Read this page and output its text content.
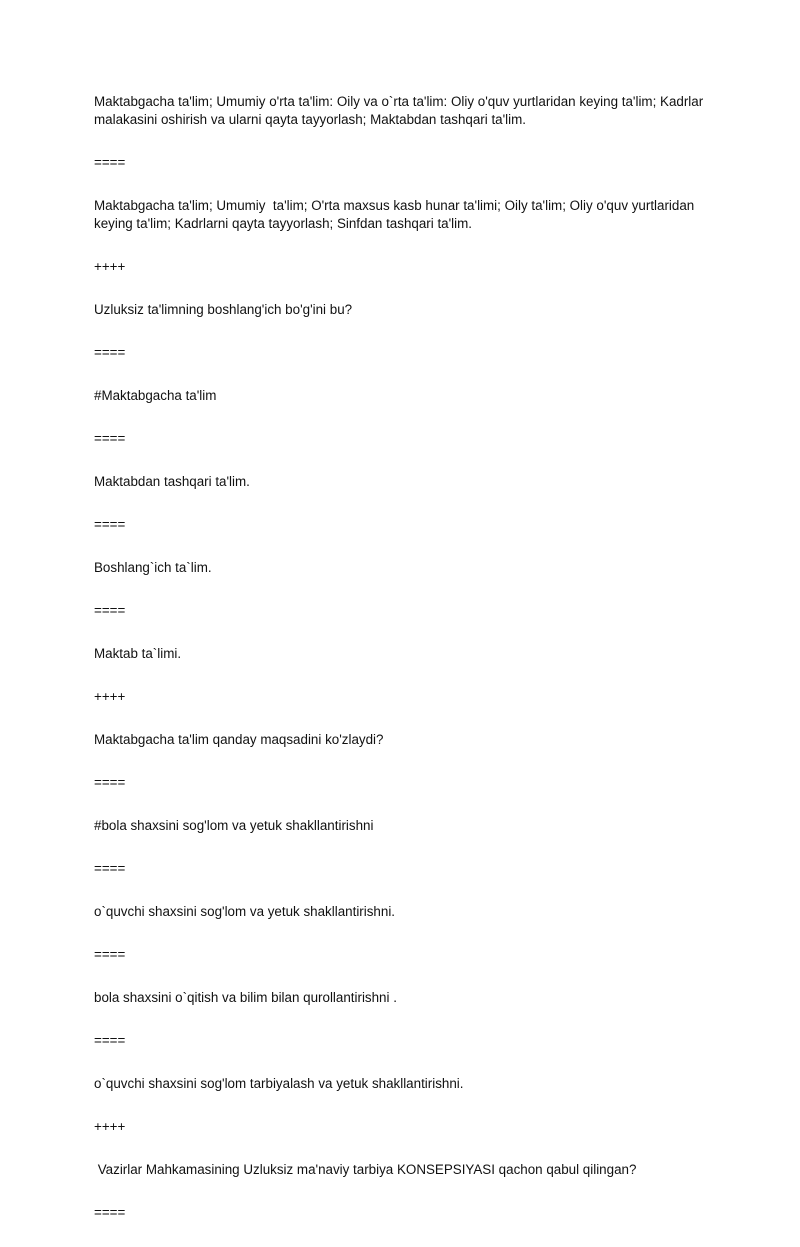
Maktabgacha ta'lim; Umumiy o'rta ta'lim: Oily va o`rta ta'lim: Oliy o'quv yurtlaridan keying ta'lim; Kadrlar malakasini oshirish va ularni qayta tayyorlash; Maktabdan tashqari ta'lim.

====

Maktabgacha ta'lim; Umumiy  ta'lim; O'rta maxsus kasb hunar ta'limi; Oily ta'lim; Oliy o'quv yurtlaridan keying ta'lim; Kadrlarni qayta tayyorlash; Sinfdan tashqari ta'lim.

++++

Uzluksiz ta'limning boshlang'ich bo'g'ini bu?

====

#Maktabgacha ta'lim

====

Maktabdan tashqari ta'lim.

====

Boshlang`ich ta`lim.

====

Maktab ta`limi.

++++

Maktabgacha ta'lim qanday maqsadini ko'zlaydi?

====

#bola shaxsini sog'lom va yetuk shakllantirishni

====

o`quvchi shaxsini sog'lom va yetuk shakllantirishni.

====

bola shaxsini o`qitish va bilim bilan qurollantirishni .

====

o`quvchi shaxsini sog'lom tarbiyalash va yetuk shakllantirishni.

++++

Vazirlar Mahkamasining Uzluksiz ma'naviy tarbiya KONSEPSIYASI qachon qabul qilingan?

====
